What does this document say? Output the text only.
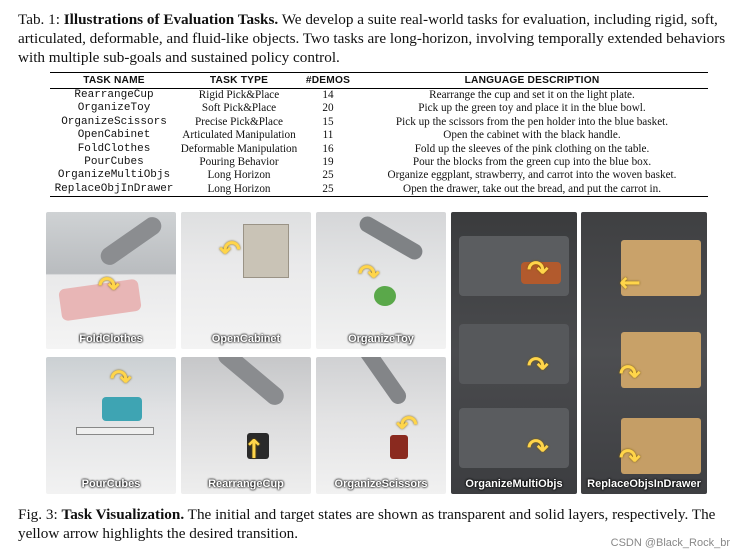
Tab. 1: Illustrations of Evaluation Tasks. We develop a suite real-world tasks for evaluation, including rigid, soft, articulated, deformable, and fluid-like objects. Two tasks are long-horizon, involving temporally extended behaviors with multiple sub-goals and sustained policy control.
TASK NAME	TASK TYPE	#DEMOS	LANGUAGE DESCRIPTION
RearrangeCup	Rigid Pick&Place	14	Rearrange the cup and set it on the light plate.
OrganizeToy	Soft Pick&Place	20	Pick up the green toy and place it in the blue bowl.
OrganizeScissors	Precise Pick&Place	15	Pick up the scissors from the pen holder into the blue basket.
OpenCabinet	Articulated Manipulation	11	Open the cabinet with the black handle.
FoldClothes	Deformable Manipulation	16	Fold up the sleeves of the pink clothing on the table.
PourCubes	Pouring Behavior	19	Pour the blocks from the green cup into the blue box.
OrganizeMultiObjs	Long Horizon	25	Organize eggplant, strawberry, and carrot into the woven basket.
ReplaceObjInDrawer	Long Horizon	25	Open the drawer, take out the bread, and put the carrot in.
↷
FoldClothes
↶
OpenCabinet
↷
OrganizeToy
↷
PourCubes
↑
RearrangeCup
↶
OrganizeScissors
↷
↷
↷
OrganizeMultiObjs
←
↷
↷
ReplaceObjsInDrawer
Fig. 3: Task Visualization. The initial and target states are shown as transparent and solid layers, respectively. The yellow arrow highlights the desired transition.
CSDN @Black_Rock_br
